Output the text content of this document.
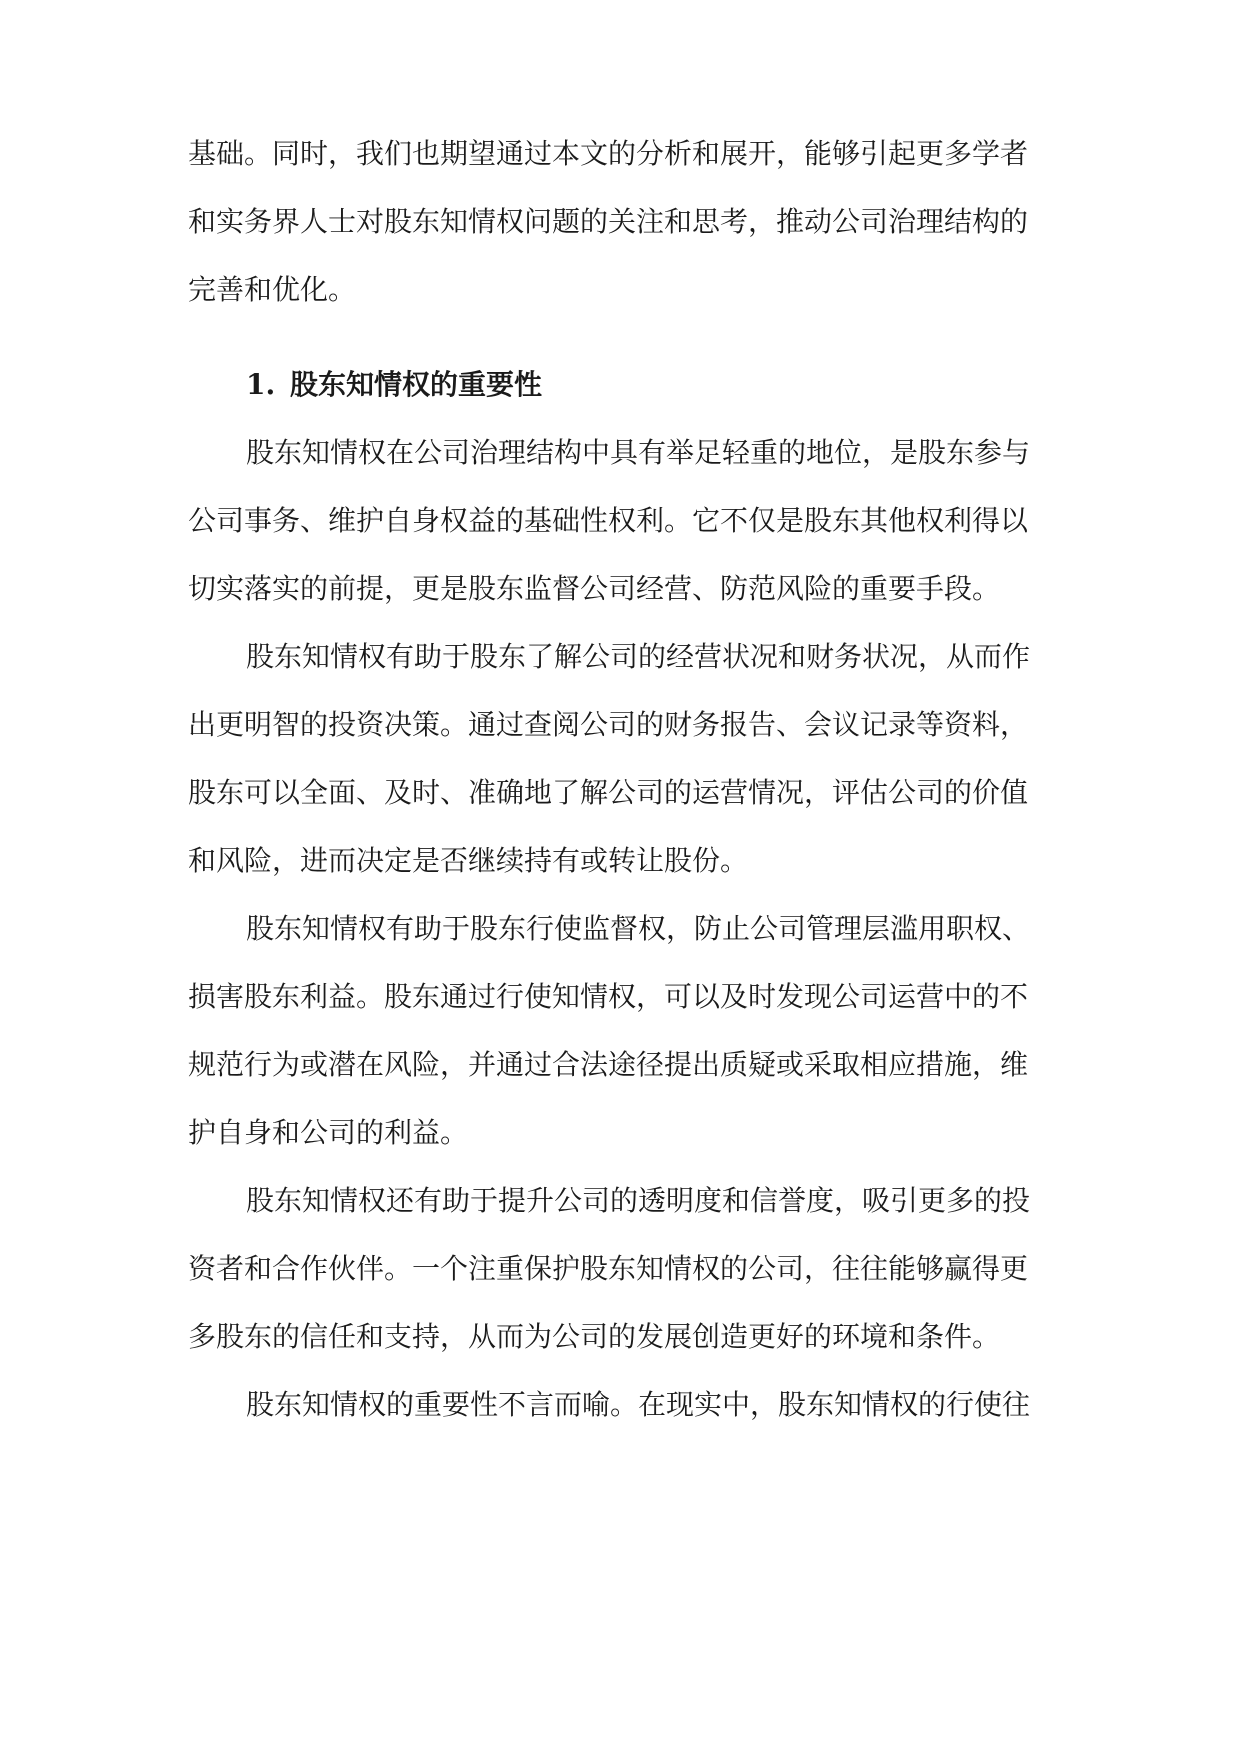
基础。同时，我们也期望通过本文的分析和展开，能够引起更多学者
和实务界人士对股东知情权问题的关注和思考，推动公司治理结构的
完善和优化。
1. 股东知情权的重要性
股东知情权在公司治理结构中具有举足轻重的地位，是股东参与
公司事务、维护自身权益的基础性权利。它不仅是股东其他权利得以
切实落实的前提，更是股东监督公司经营、防范风险的重要手段。
股东知情权有助于股东了解公司的经营状况和财务状况，从而作
出更明智的投资决策。通过查阅公司的财务报告、会议记录等资料，
股东可以全面、及时、准确地了解公司的运营情况，评估公司的价值
和风险，进而决定是否继续持有或转让股份。
股东知情权有助于股东行使监督权，防止公司管理层滥用职权、
损害股东利益。股东通过行使知情权，可以及时发现公司运营中的不
规范行为或潜在风险，并通过合法途径提出质疑或采取相应措施，维
护自身和公司的利益。
股东知情权还有助于提升公司的透明度和信誉度，吸引更多的投
资者和合作伙伴。一个注重保护股东知情权的公司，往往能够赢得更
多股东的信任和支持，从而为公司的发展创造更好的环境和条件。
股东知情权的重要性不言而喻。在现实中，股东知情权的行使往
